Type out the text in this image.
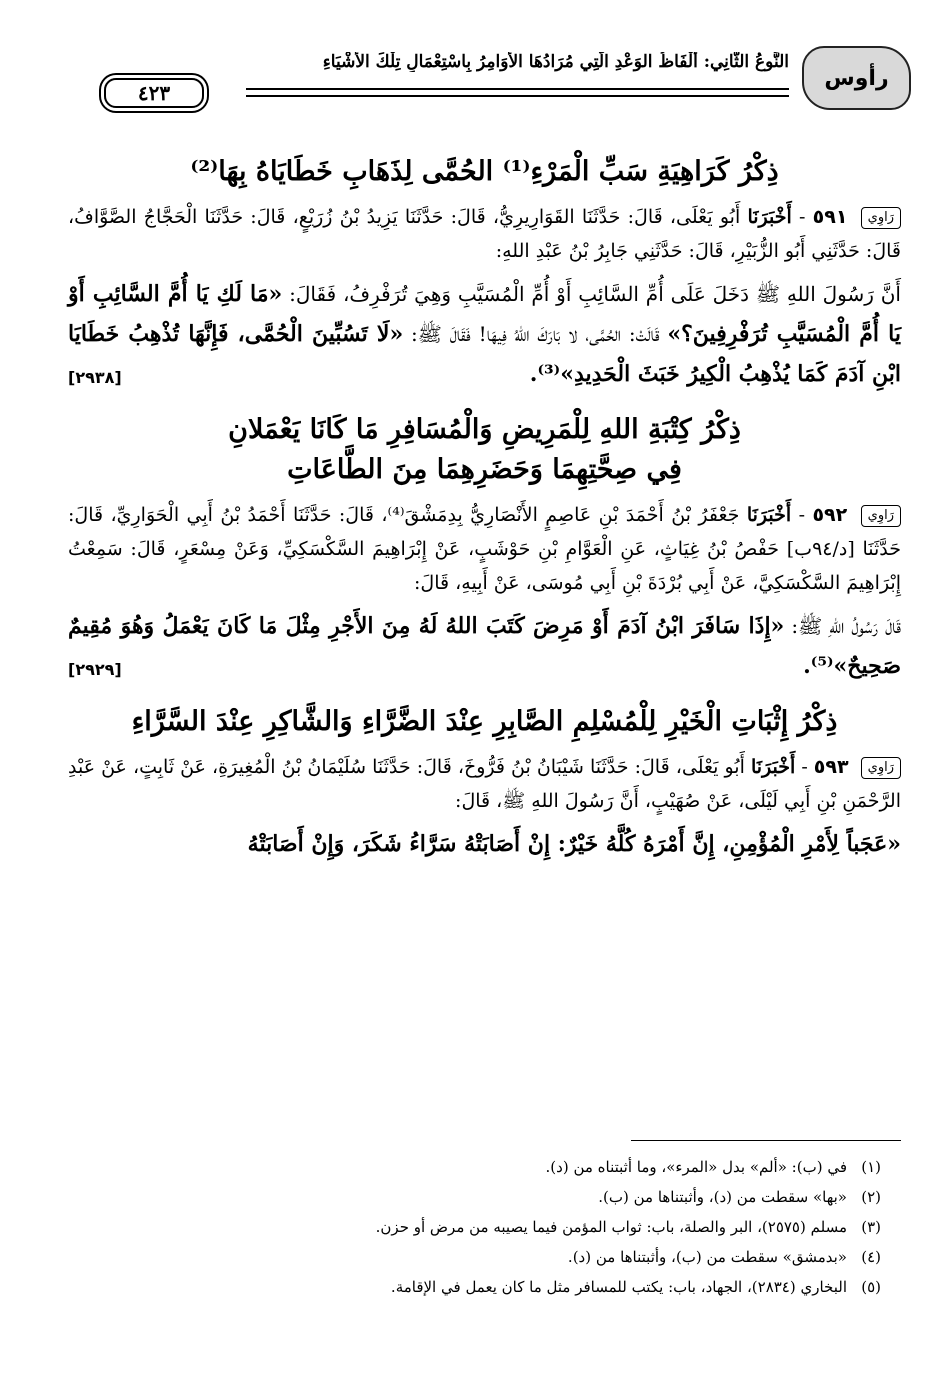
رأوس
النَّوعُ الثَّانِي: أَلْفَاظُ الوَعْدِ الَّتِي مُرَادُهَا الأَوَامِرُ بِاسْتِعْمَالِ تِلْكَ الأَشْيَاءِ
٤٢٣
ذِكْرُ كَرَاهِيَةِ سَبِّ الْمَرْءِ⁽¹⁾ الحُمَّى لِذَهَابِ خَطَايَاهُ بِهَا⁽²⁾

رَاوِي ٥٩١ - أَخْبَرَنَا أَبُو يَعْلَى، قَالَ: حَدَّثَنَا القَوَارِيرِيُّ، قَالَ: حَدَّثَنَا يَزِيدُ بْنُ زُرَيْعٍ، قَالَ: حَدَّثَنَا الْحَجَّاجُ الصَّوَّافُ، قَالَ: حَدَّثَنِي أَبُو الزُّبَيْرِ، قَالَ: حَدَّثَنِي جَابِرُ بْنُ عَبْدِ اللهِ:

أَنَّ رَسُولَ اللهِ ﷺ دَخَلَ عَلَى أُمِّ السَّائِبِ أَوْ أُمِّ الْمُسَيَّبِ وَهِيَ تُرَفْرِفُ، فَقَالَ: «مَا لَكِ يَا أُمَّ السَّائِبِ أَوْ يَا أُمَّ الْمُسَيَّبِ تُرَفْرِفِينَ؟» قَالَتْ: الحُمَّى، لا بَارَكَ اللهُ فِيهَا! فَقَالَ ﷺ: «لَا تَسُبِّينَ الْحُمَّى، فَإِنَّهَا تُذْهِبُ خَطَايَا ابْنِ آدَمَ كَمَا يُذْهِبُ الْكِيرُ خَبَثَ الْحَدِيدِ»⁽³⁾.
[٢٩٣٨]

ذِكْرُ كِتْبَةِ اللهِ لِلْمَرِيضِ وَالْمُسَافِرِ مَا كَانَا يَعْمَلانِ
فِي صِحَّتِهِمَا وَحَضَرِهِمَا مِنَ الطَّاعَاتِ

رَاوِي ٥٩٢ - أَخْبَرَنَا جَعْفَرُ بْنُ أَحْمَدَ بْنِ عَاصِمٍ الأَنْصَارِيُّ بِدِمَشْقَ⁽⁴⁾، قَالَ: حَدَّثَنَا أَحْمَدُ بْنُ أَبِي الْحَوَارِيِّ، قَالَ: حَدَّثَنَا [د/٩٤ب] حَفْصُ بْنُ غِيَاثٍ، عَنِ الْعَوَّامِ بْنِ حَوْشَبٍ، عَنْ إِبْرَاهِيمَ السَّكْسَكِيِّ، وَعَنْ مِسْعَرٍ، قَالَ: سَمِعْتُ إِبْرَاهِيمَ السَّكْسَكِيَّ، عَنْ أَبِي بُرْدَةَ بْنِ أَبِي مُوسَى، عَنْ أَبِيهِ، قَالَ:

قَالَ رَسُولُ اللهِ ﷺ: «إِذَا سَافَرَ ابْنُ آدَمَ أَوْ مَرِضَ كَتَبَ اللهُ لَهُ مِنَ الأَجْرِ مِثْلَ مَا كَانَ يَعْمَلُ وَهُوَ مُقِيمٌ صَحِيحٌ»⁽⁵⁾.
[٢٩٢٩]

ذِكْرُ إِثْبَاتِ الْخَيْرِ لِلْمُسْلِمِ الصَّابِرِ عِنْدَ الضَّرَّاءِ وَالشَّاكِرِ عِنْدَ السَّرَّاءِ

رَاوِي ٥٩٣ - أَخْبَرَنَا أَبُو يَعْلَى، قَالَ: حَدَّثَنَا شَيْبَانُ بْنُ فَرُّوخَ، قَالَ: حَدَّثَنَا سُلَيْمَانُ بْنُ الْمُغِيرَةِ، عَنْ ثَابِتٍ، عَنْ عَبْدِ الرَّحْمَنِ بْنِ أَبِي لَيْلَى، عَنْ صُهَيْبٍ، أَنَّ رَسُولَ اللهِ ﷺ، قَالَ:

«عَجَباً لِأَمْرِ الْمُؤْمِنِ، إِنَّ أَمْرَهُ كُلَّهُ خَيْرٌ: إِنْ أَصَابَتْهُ سَرَّاءُ شَكَرَ، وَإِنْ أَصَابَتْهُ

(١)في (ب): «ألم» بدل «المرء»، وما أثبتناه من (د).

(٢)«بها» سقطت من (د)، وأثبتناها من (ب).

(٣)مسلم (٢٥٧٥)، البر والصلة، باب: ثواب المؤمن فيما يصيبه من مرض أو حزن.

(٤)«بدمشق» سقطت من (ب)، وأثبتناها من (د).

(٥)البخاري (٢٨٣٤)، الجهاد، باب: يكتب للمسافر مثل ما كان يعمل في الإقامة.
